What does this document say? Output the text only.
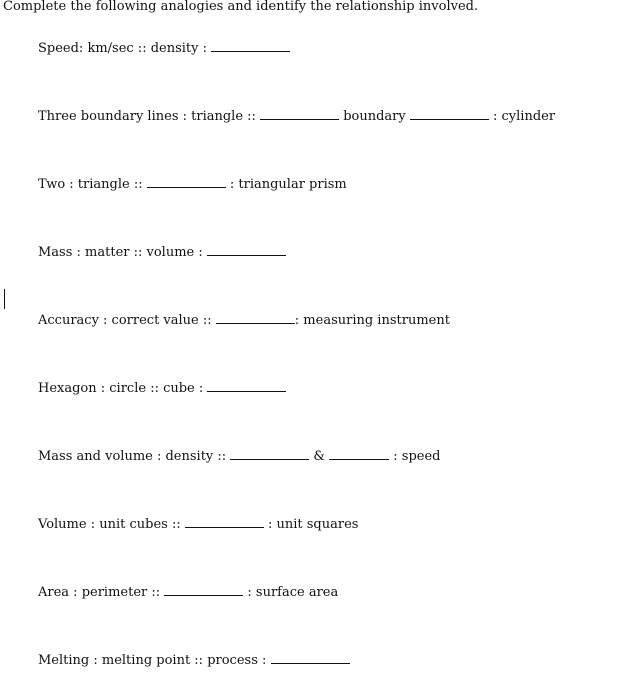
Complete the following analogies and identify the relationship involved.
Speed: km/sec :: density :
Three boundary lines : triangle ::	boundary	: cylinder
Two : triangle ::	: triangular prism
Mass : matter :: volume :
Accuracy : correct value ::	: measuring instrument
Hexagon : circle :: cube :
Mass and volume : density ::	&	: speed
Volume : unit cubes ::	: unit squares
Area : perimeter ::	: surface area
Melting : melting point :: process :
